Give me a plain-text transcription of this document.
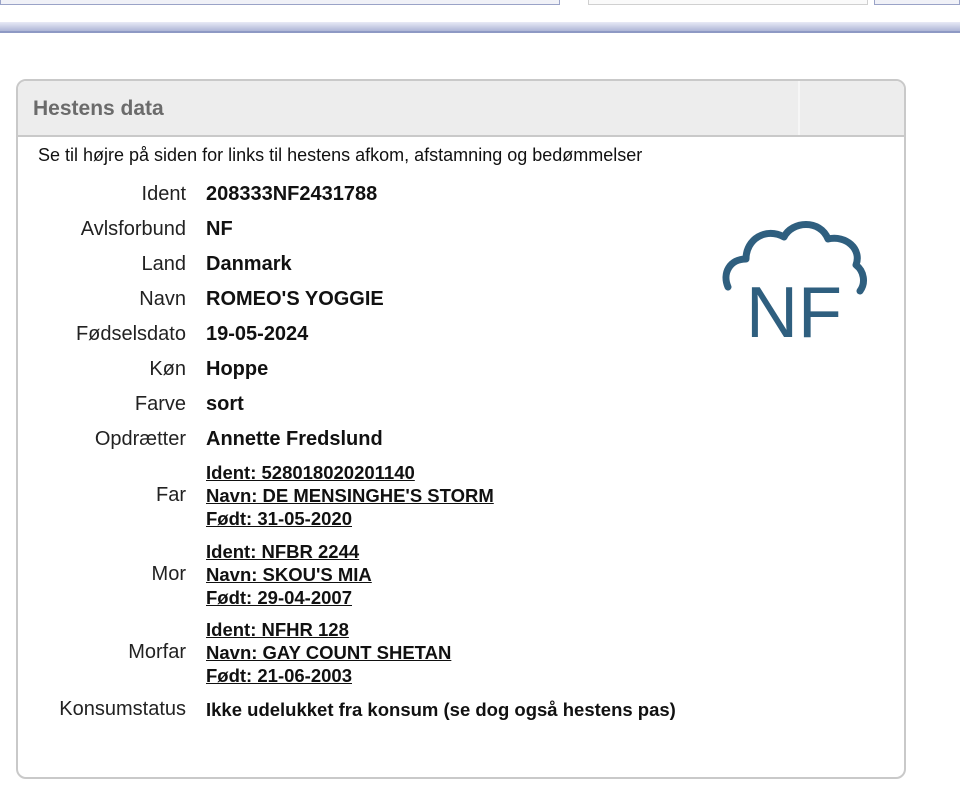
Hestens data
Se til højre på siden for links til hestens afkom, afstamning og bedømmelser
Ident 208333NF2431788
Avlsforbund NF
Land Danmark
Navn ROMEO'S YOGGIE
Fødselsdato 19-05-2024
Køn Hoppe
Farve sort
Opdrætter Annette Fredslund
Far
Ident: 528018020201140
Navn: DE MENSINGHE'S STORM
Født: 31-05-2020
Mor
Ident: NFBR 2244
Navn: SKOU'S MIA
Født: 29-04-2007
Morfar
Ident: NFHR 128
Navn: GAY COUNT SHETAN
Født: 21-06-2003
Konsumstatus Ikke udelukket fra konsum (se dog også hestens pas)
NF
